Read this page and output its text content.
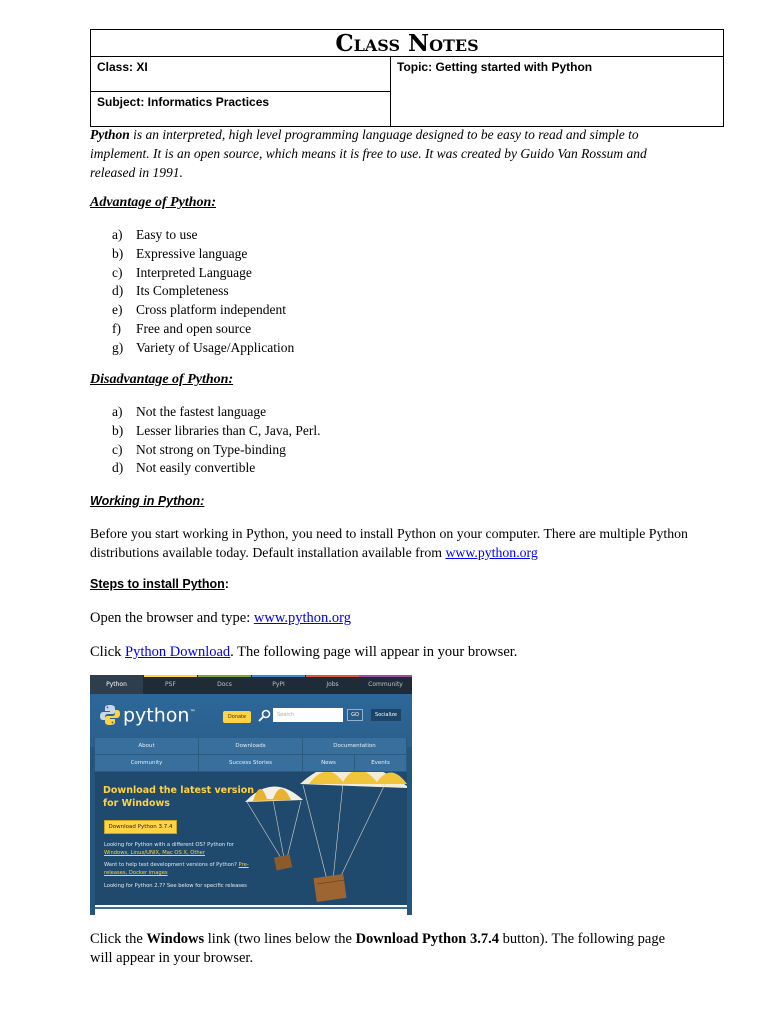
Class Notes
Class: XI
Subject: Informatics Practices
Topic: Getting started with Python
Python is an interpreted, high level programming language designed to be easy to read and simple to implement. It is an open source, which means it is free to use. It was created by Guido Van Rossum and released in 1991.
Advantage of Python:
a) Easy to use
b) Expressive language
c) Interpreted Language
d) Its Completeness
e) Cross platform independent
f) Free and open source
g) Variety of Usage/Application
Disadvantage of Python:
a) Not the fastest language
b) Lesser libraries than C, Java, Perl.
c) Not strong on Type-binding
d) Not easily convertible
Working in Python:
Before you start working in Python, you need to install Python on your computer. There are multiple Python distributions available today. Default installation available from www.python.org
Steps to install Python:
Open the browser and type: www.python.org
Click Python Download. The following page will appear in your browser.
Python	PSF	Docs	PyPI	Jobs	Community
python™
Donate	Search	GO	Socialize
About	Downloads	Documentation
Community	Success Stories	News	Events
Download the latest version for Windows
Download Python 3.7.4
Looking for Python with a different OS? Python for
Windows, Linux/UNIX, Mac OS X, Other
Want to help test development versions of Python? Pre-
releases, Docker images
Looking for Python 2.7? See below for specific releases
Click the Windows link (two lines below the Download Python 3.7.4 button). The following page will appear in your browser.
